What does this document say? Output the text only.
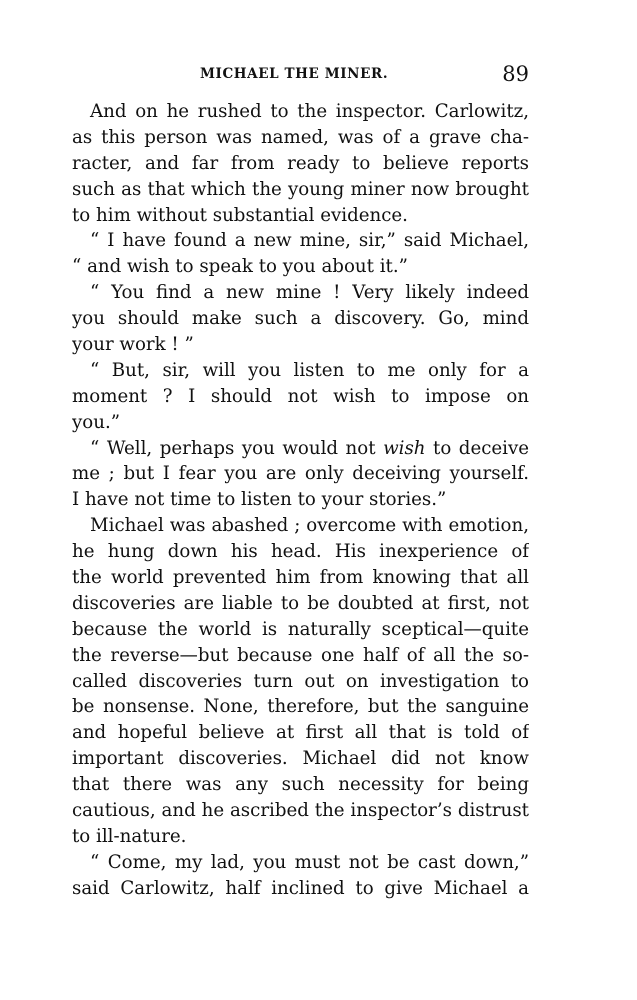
MICHAEL THE MINER.	89
And on he rushed to the inspector. Carlowitz,
as this person was named, was of a grave cha-
racter, and far from ready to believe reports
such as that which the young miner now brought
to him without substantial evidence.
“ I have found a new mine, sir,” said Michael,
“ and wish to speak to you about it.”
“ You find a new mine ! Very likely indeed
you should make such a discovery. Go, mind
your work ! ”
“ But, sir, will you listen to me only for a
moment ? I should not wish to impose on
you.”
“ Well, perhaps you would not wish to deceive
me ; but I fear you are only deceiving yourself.
I have not time to listen to your stories.”
Michael was abashed ; overcome with emotion,
he hung down his head. His inexperience of
the world prevented him from knowing that all
discoveries are liable to be doubted at first, not
because the world is naturally sceptical—quite
the reverse—but because one half of all the so-
called discoveries turn out on investigation to
be nonsense. None, therefore, but the sanguine
and hopeful believe at first all that is told of
important discoveries. Michael did not know
that there was any such necessity for being
cautious, and he ascribed the inspector’s distrust
to ill-nature.
“ Come, my lad, you must not be cast down,”
said Carlowitz, half inclined to give Michael a
